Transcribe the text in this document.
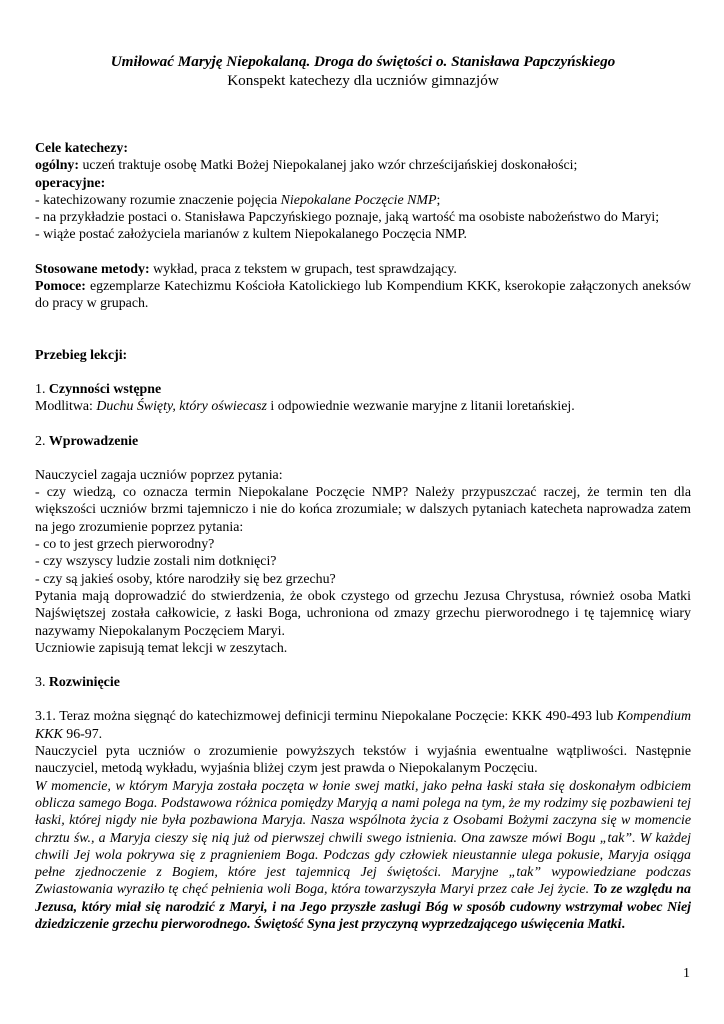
Umiłować Maryję Niepokalaną. Droga do świętości o. Stanisława Papczyńskiego

Konspekt katechezy dla uczniów gimnazjów

Cele katechezy:

ogólny: uczeń traktuje osobę Matki Bożej Niepokalanej jako wzór chrześcijańskiej doskonałości;

operacyjne:

- katechizowany rozumie znaczenie pojęcia Niepokalane Poczęcie NMP;

- na przykładzie postaci o. Stanisława Papczyńskiego poznaje, jaką wartość ma osobiste nabożeństwo do Maryi;

- wiąże postać założyciela marianów z kultem Niepokalanego Poczęcia NMP.

Stosowane metody: wykład, praca z tekstem w grupach, test sprawdzający.

Pomoce: egzemplarze Katechizmu Kościoła Katolickiego lub Kompendium KKK, kserokopie załączonych aneksów do pracy w grupach.

Przebieg lekcji:

1. Czynności wstępne

Modlitwa: Duchu Święty, który oświecasz i odpowiednie wezwanie maryjne z litanii loretańskiej.

2. Wprowadzenie

Nauczyciel zagaja uczniów poprzez pytania:

- czy wiedzą, co oznacza termin Niepokalane Poczęcie NMP? Należy przypuszczać raczej, że termin ten dla większości uczniów brzmi tajemniczo i nie do końca zrozumiale; w dalszych pytaniach katecheta naprowadza zatem na jego zrozumienie poprzez pytania:

- co to jest grzech pierworodny?

- czy wszyscy ludzie zostali nim dotknięci?

- czy są jakieś osoby, które narodziły się bez grzechu?

Pytania mają doprowadzić do stwierdzenia, że obok czystego od grzechu Jezusa Chrystusa, również osoba Matki Najświętszej została całkowicie, z łaski Boga, uchroniona od zmazy grzechu pierworodnego i tę tajemnicę wiary nazywamy Niepokalanym Poczęciem Maryi.

Uczniowie zapisują temat lekcji w zeszytach.

3. Rozwinięcie

3.1. Teraz można sięgnąć do katechizmowej definicji terminu Niepokalane Poczęcie: KKK 490-493 lub Kompendium KKK 96-97.

Nauczyciel pyta uczniów o zrozumienie powyższych tekstów i wyjaśnia ewentualne wątpliwości. Następnie nauczyciel, metodą wykładu, wyjaśnia bliżej czym jest prawda o Niepokalanym Poczęciu.

W momencie, w którym Maryja została poczęta w łonie swej matki, jako pełna łaski stała się doskonałym odbiciem oblicza samego Boga. Podstawowa różnica pomiędzy Maryją a nami polega na tym, że my rodzimy się pozbawieni tej łaski, której nigdy nie była pozbawiona Maryja. Nasza wspólnota życia z Osobami Bożymi zaczyna się w momencie chrztu św., a Maryja cieszy się nią już od pierwszej chwili swego istnienia. Ona zawsze mówi Bogu „tak”. W każdej chwili Jej wola pokrywa się z pragnieniem Boga. Podczas gdy człowiek nieustannie ulega pokusie, Maryja osiąga pełne zjednoczenie z Bogiem, które jest tajemnicą Jej świętości. Maryjne „tak” wypowiedziane podczas Zwiastowania wyraziło tę chęć pełnienia woli Boga, która towarzyszyła Maryi przez całe Jej życie. To ze względu na Jezusa, który miał się narodzić z Maryi, i na Jego przyszłe zasługi Bóg w sposób cudowny wstrzymał wobec Niej dziedziczenie grzechu pierworodnego. Świętość Syna jest przyczyną wyprzedzającego uświęcenia Matki.

1
